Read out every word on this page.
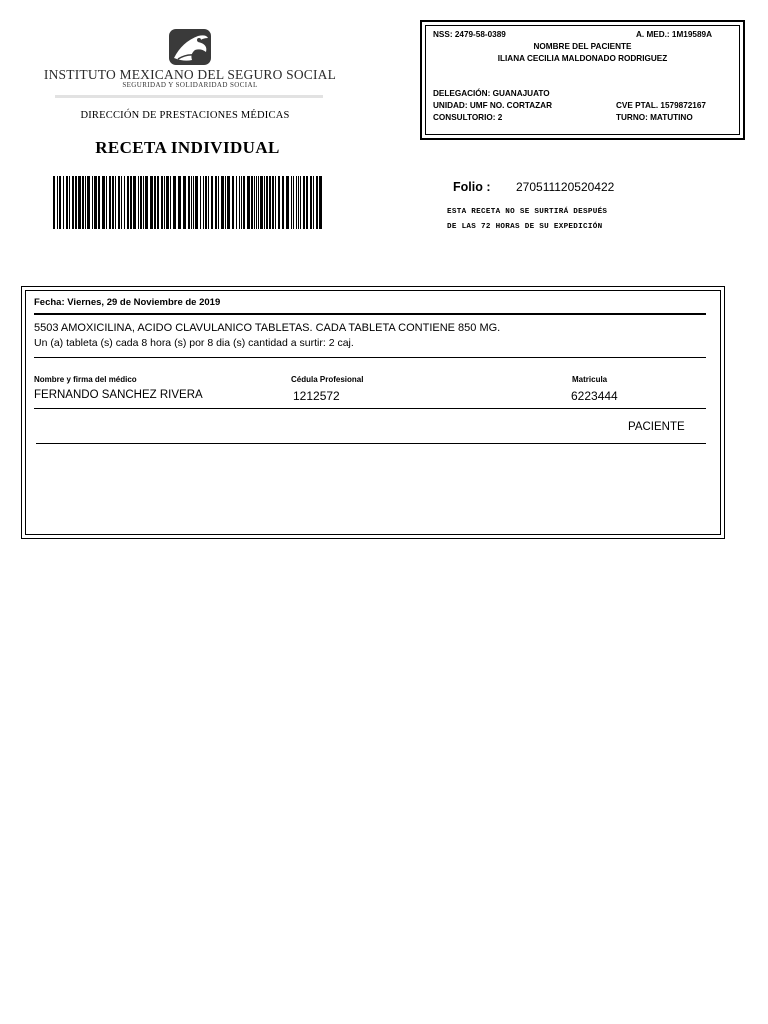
INSTITUTO MEXICANO DEL SEGURO SOCIAL
SEGURIDAD Y SOLIDARIDAD SOCIAL
DIRECCIÓN DE PRESTACIONES MÉDICAS
RECETA INDIVIDUAL
NSS: 2479-58-0389	A. MED.: 1M19589A
NOMBRE DEL PACIENTE
ILIANA CECILIA MALDONADO RODRIGUEZ
DELEGACIÓN: GUANAJUATO
UNIDAD: UMF NO. CORTAZAR	CVE PTAL. 1579872167
CONSULTORIO: 2	TURNO: MATUTINO
Folio : 270511120520422
ESTA RECETA NO SE SURTIRÁ DESPUÉS
DE LAS 72 HORAS DE SU EXPEDICIÓN
Fecha: Viernes, 29 de Noviembre de 2019
5503 AMOXICILINA, ACIDO CLAVULANICO TABLETAS. CADA TABLETA CONTIENE 850 MG.
Un (a) tableta (s) cada 8 hora (s) por 8 dia (s) cantidad a surtir: 2 caj.
Nombre y firma del médico	Cédula Profesional	Matricula
FERNANDO SANCHEZ RIVERA	1212572	6223444
PACIENTE
